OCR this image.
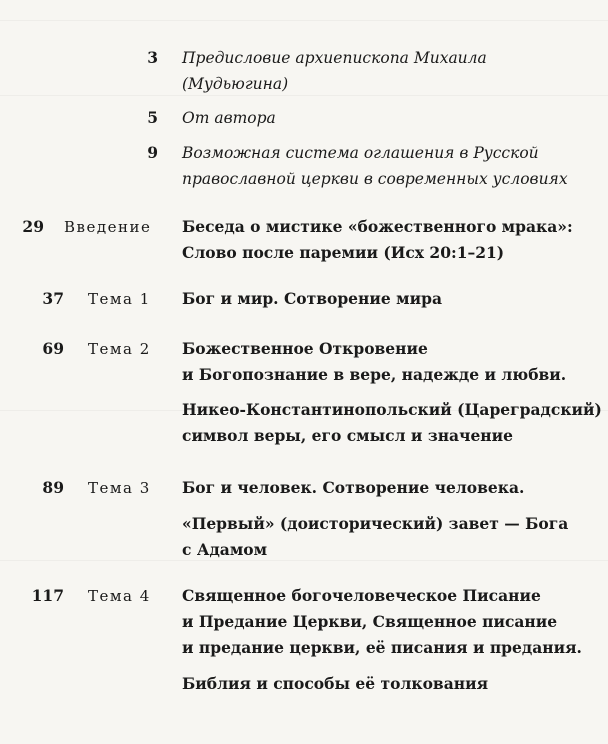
3 Предисловие архиепископа Михаила
(Мудьюгина)
5 От автора
9 Возможная система оглашения в Русской
православной церкви в современных условиях
29 Введение Беседа о мистике «божественного мрака»:
Слово после паремии (Исх 20:1–21)
37 Тема 1 Бог и мир. Сотворение мира
69 Тема 2 Божественное Откровение
и Богопознание в вере, надежде и любви.
Никео-Константинопольский (Цареградский)
символ веры, его смысл и значение
89 Тема 3 Бог и человек. Сотворение человека.
«Первый» (доисторический) завет — Бога
с Адамом
117 Тема 4 Священное богочеловеческое Писание
и Предание Церкви, Священное писание
и предание церкви, её писания и предания.
Библия и способы её толкования
